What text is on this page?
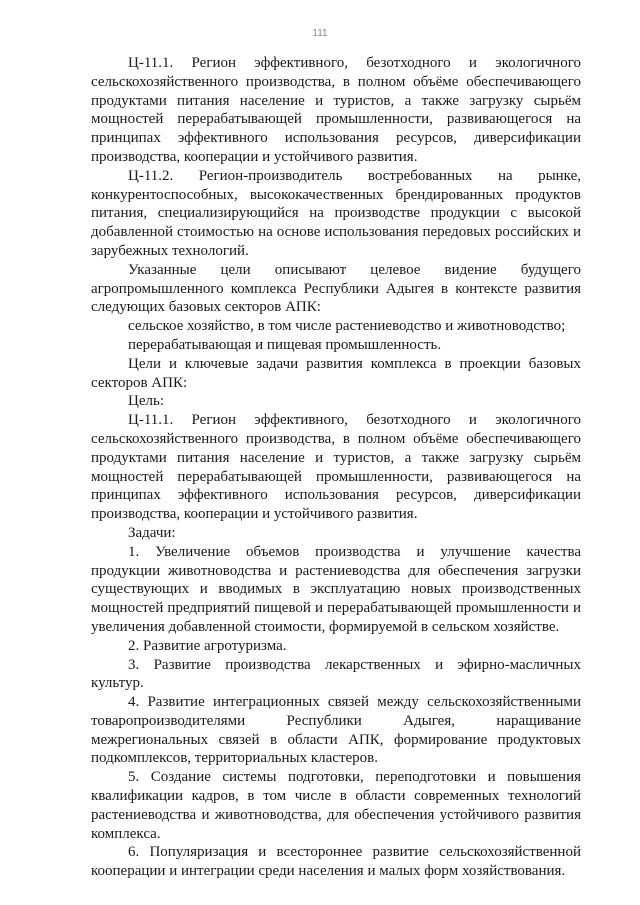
111

Ц-11.1. Регион эффективного, безотходного и экологичного сельскохозяйственного производства, в полном объёме обеспечивающего продуктами питания население и туристов, а также загрузку сырьём мощностей перерабатывающей промышленности, развивающегося на принципах эффективного использования ресурсов, диверсификации производства, кооперации и устойчивого развития.

Ц-11.2. Регион-производитель востребованных на рынке, конкурентоспособных, высококачественных брендированных продуктов питания, специализирующийся на производстве продукции с высокой добавленной стоимостью на основе использования передовых российских и зарубежных технологий.

Указанные цели описывают целевое видение будущего агропромышленного комплекса Республики Адыгея в контексте развития следующих базовых секторов АПК:

сельское хозяйство, в том числе растениеводство и животноводство;

перерабатывающая и пищевая промышленность.

Цели и ключевые задачи развития комплекса в проекции базовых секторов АПК:

Цель:

Ц-11.1. Регион эффективного, безотходного и экологичного сельскохозяйственного производства, в полном объёме обеспечивающего продуктами питания население и туристов, а также загрузку сырьём мощностей перерабатывающей промышленности, развивающегося на принципах эффективного использования ресурсов, диверсификации производства, кооперации и устойчивого развития.

Задачи:

1. Увеличение объемов производства и улучшение качества продукции животноводства и растениеводства для обеспечения загрузки существующих и вводимых в эксплуатацию новых производственных мощностей предприятий пищевой и перерабатывающей промышленности и увеличения добавленной стоимости, формируемой в сельском хозяйстве.

2. Развитие агротуризма.

3. Развитие производства лекарственных и эфирно-масличных культур.

4. Развитие интеграционных связей между сельскохозяйственными товаропроизводителями Республики Адыгея, наращивание межрегиональных связей в области АПК, формирование продуктовых подкомплексов, территориальных кластеров.

5. Создание системы подготовки, переподготовки и повышения квалификации кадров, в том числе в области современных технологий растениеводства и животноводства, для обеспечения устойчивого развития комплекса.

6. Популяризация и всестороннее развитие сельскохозяйственной кооперации и интеграции среди населения и малых форм хозяйствования.
